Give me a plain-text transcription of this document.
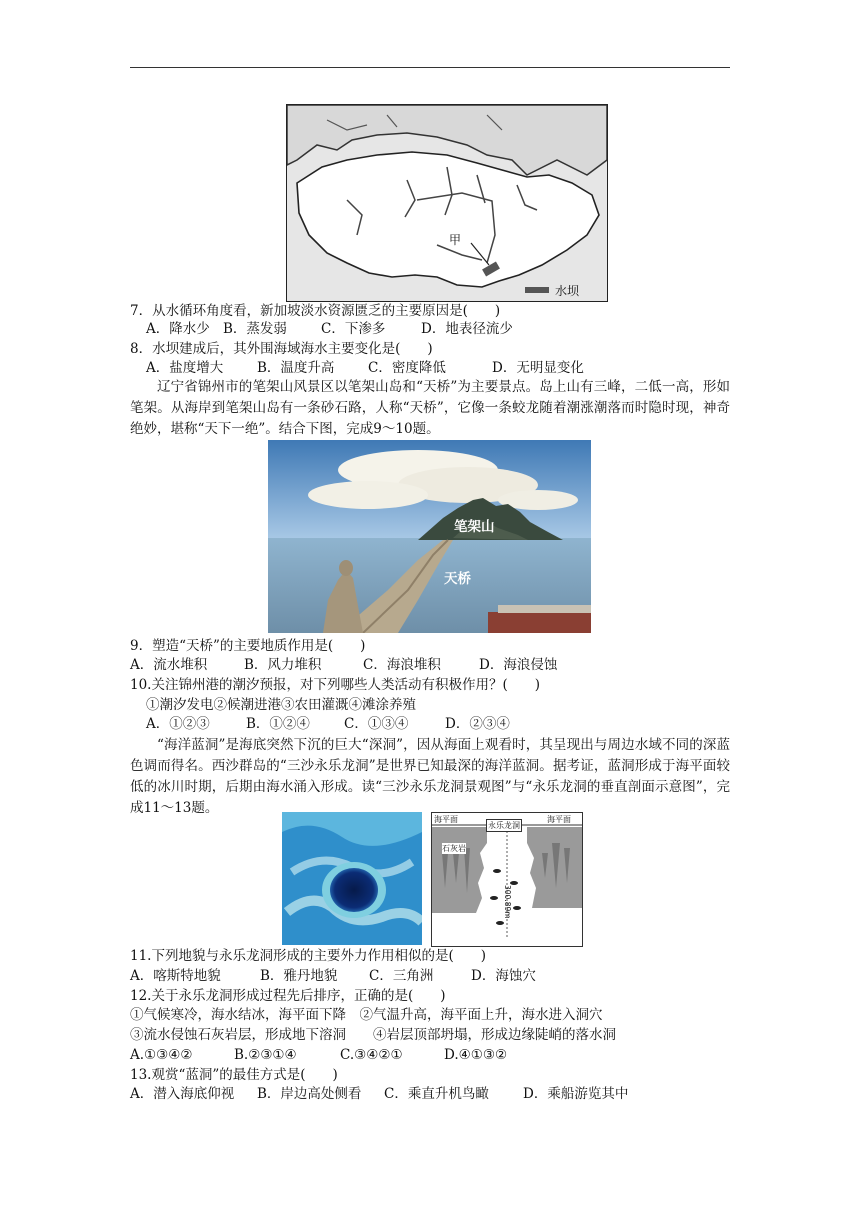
甲
水坝
7．从水循环角度看，新加坡淡水资源匮乏的主要原因是(　　)
A．降水少 B．蒸发弱	C．下渗多	D．地表径流少
8．水坝建成后，其外围海域海水主要变化是(　　)
A．盐度增大	B．温度升高	C．密度降低	D．无明显变化
辽宁省锦州市的笔架山风景区以笔架山岛和“天桥”为主要景点。岛上山有三峰，二低一高，形如笔架。从海岸到笔架山岛有一条砂石路，人称“天桥”，它像一条蛟龙随着潮涨潮落而时隐时现，神奇绝妙，堪称“天下一绝”。结合下图，完成9～10题。
笔架山
天桥
9．塑造“天桥”的主要地质作用是(　　)
A．流水堆积	B．风力堆积	C．海浪堆积	D．海浪侵蚀
10.关注锦州港的潮汐预报，对下列哪些人类活动有积极作用？(　　)
①潮汐发电②候潮进港③农田灌溉④滩涂养殖
A．①②③	B．①②④	C．①③④	D．②③④
“海洋蓝洞”是海底突然下沉的巨大“深洞”，因从海面上观看时，其呈现出与周边水域不同的深蓝色调而得名。西沙群岛的“三沙永乐龙洞”是世界已知最深的海洋蓝洞。据考证，蓝洞形成于海平面较低的冰川时期，后期由海水涌入形成。读“三沙永乐龙洞景观图”与“永乐龙洞的垂直剖面示意图”，完成11～13题。
海平面
永乐龙洞
海平面
石灰岩
300.89m
11.下列地貌与永乐龙洞形成的主要外力作用相似的是(　　)
A．喀斯特地貌	B．雅丹地貌	C．三角洲	D．海蚀穴
12.关于永乐龙洞形成过程先后排序，正确的是(　　)
①气候寒冷，海水结冰，海平面下降　②气温升高，海平面上升，海水进入洞穴
③流水侵蚀石灰岩层，形成地下溶洞　　④岩层顶部坍塌，形成边缘陡峭的落水洞
A.①③④②	B.②③①④	C.③④②①	D.④①③②
13.观赏“蓝洞”的最佳方式是(　　)
A．潜入海底仰视	B．岸边高处侧看	C．乘直升机鸟瞰	D．乘船游览其中
